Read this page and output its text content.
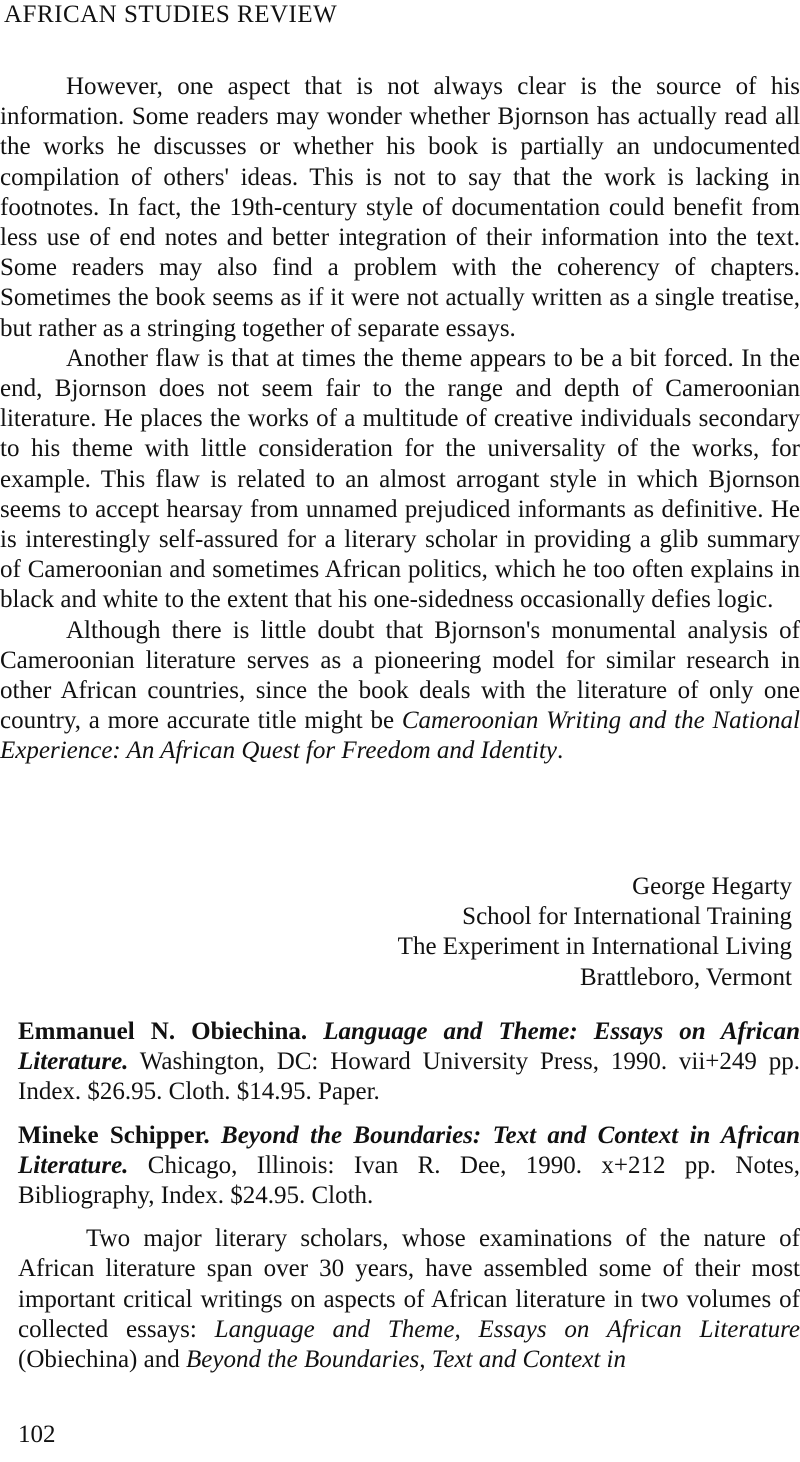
AFRICAN STUDIES REVIEW

However, one aspect that is not always clear is the source of his information. Some readers may wonder whether Bjornson has actually read all the works he discusses or whether his book is partially an undocumented compilation of others' ideas. This is not to say that the work is lacking in footnotes. In fact, the 19th-century style of documentation could benefit from less use of end notes and better integration of their information into the text. Some readers may also find a problem with the coherency of chapters. Sometimes the book seems as if it were not actually written as a single treatise, but rather as a stringing together of separate essays.

Another flaw is that at times the theme appears to be a bit forced. In the end, Bjornson does not seem fair to the range and depth of Cameroonian literature. He places the works of a multitude of creative individuals secondary to his theme with little consideration for the universality of the works, for example. This flaw is related to an almost arrogant style in which Bjornson seems to accept hearsay from unnamed prejudiced informants as definitive. He is interestingly self-assured for a literary scholar in providing a glib summary of Cameroonian and sometimes African politics, which he too often explains in black and white to the extent that his one-sidedness occasionally defies logic.

Although there is little doubt that Bjornson's monumental analysis of Cameroonian literature serves as a pioneering model for similar research in other African countries, since the book deals with the literature of only one country, a more accurate title might be Cameroonian Writing and the National Experience: An African Quest for Freedom and Identity.

George Hegarty
School for International Training
The Experiment in International Living
Brattleboro, Vermont
Emmanuel N. Obiechina. Language and Theme: Essays on African Literature. Washington, DC: Howard University Press, 1990. vii+249 pp. Index. $26.95. Cloth. $14.95. Paper.
Mineke Schipper. Beyond the Boundaries: Text and Context in African Literature. Chicago, Illinois: Ivan R. Dee, 1990. x+212 pp. Notes, Bibliography, Index. $24.95. Cloth.

Two major literary scholars, whose examinations of the nature of African literature span over 30 years, have assembled some of their most important critical writings on aspects of African literature in two volumes of collected essays: Language and Theme, Essays on African Literature (Obiechina) and Beyond the Boundaries, Text and Context in

102
